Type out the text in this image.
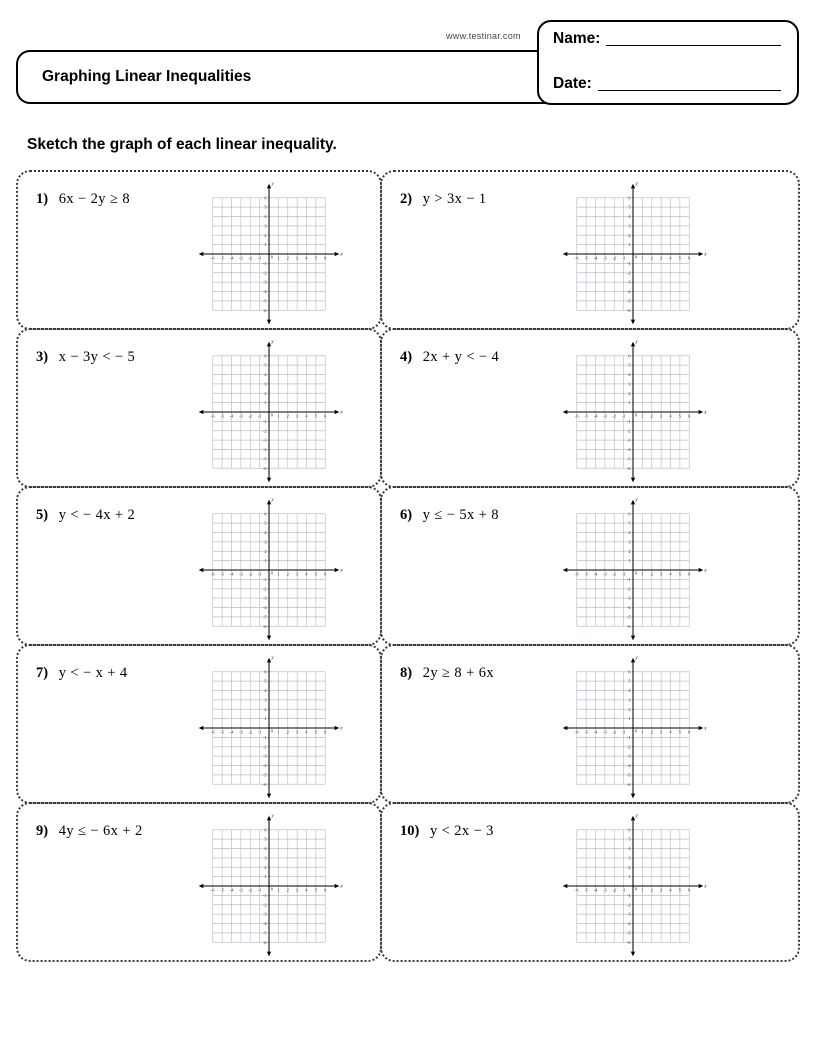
www.testinar.com
Graphing Linear Inequalities
Name:
Date:
Sketch the graph of each linear inequality.
1) 6x − 2y ≥ 8
-6 -5 -4 -3 -2 -1	1 2 3 4 5 6
0
6
5
4
3
2
1
-1
-2
-3
-4
-5
-6
x
y
2) y > 3x − 1
-6 -5 -4 -3 -2 -1	1 2 3 4 5 6
0
6
5
4
3
2
1
-1
-2
-3
-4
-5
-6
x
y
3) x − 3y < − 5
-6 -5 -4 -3 -2 -1	1 2 3 4 5 6
0
6
5
4
3
2
1
-1
-2
-3
-4
-5
-6
x
y
4) 2x + y < − 4
-6 -5 -4 -3 -2 -1	1 2 3 4 5 6
0
6
5
4
3
2
1
-1
-2
-3
-4
-5
-6
x
y
5) y < − 4x + 2
-6 -5 -4 -3 -2 -1	1 2 3 4 5 6
0
6
5
4
3
2
1
-1
-2
-3
-4
-5
-6
x
y
6) y ≤ − 5x + 8
-6 -5 -4 -3 -2 -1	1 2 3 4 5 6
0
6
5
4
3
2
1
-1
-2
-3
-4
-5
-6
x
y
7) y < − x + 4
-6 -5 -4 -3 -2 -1	1 2 3 4 5 6
0
6
5
4
3
2
1
-1
-2
-3
-4
-5
-6
x
y
8) 2y ≥ 8 + 6x
-6 -5 -4 -3 -2 -1	1 2 3 4 5 6
0
6
5
4
3
2
1
-1
-2
-3
-4
-5
-6
x
y
9) 4y ≤ − 6x + 2
-6 -5 -4 -3 -2 -1	1 2 3 4 5 6
0
6
5
4
3
2
1
-1
-2
-3
-4
-5
-6
x
y
10) y < 2x − 3
-6 -5 -4 -3 -2 -1	1 2 3 4 5 6
0
6
5
4
3
2
1
-1
-2
-3
-4
-5
-6
x
y
